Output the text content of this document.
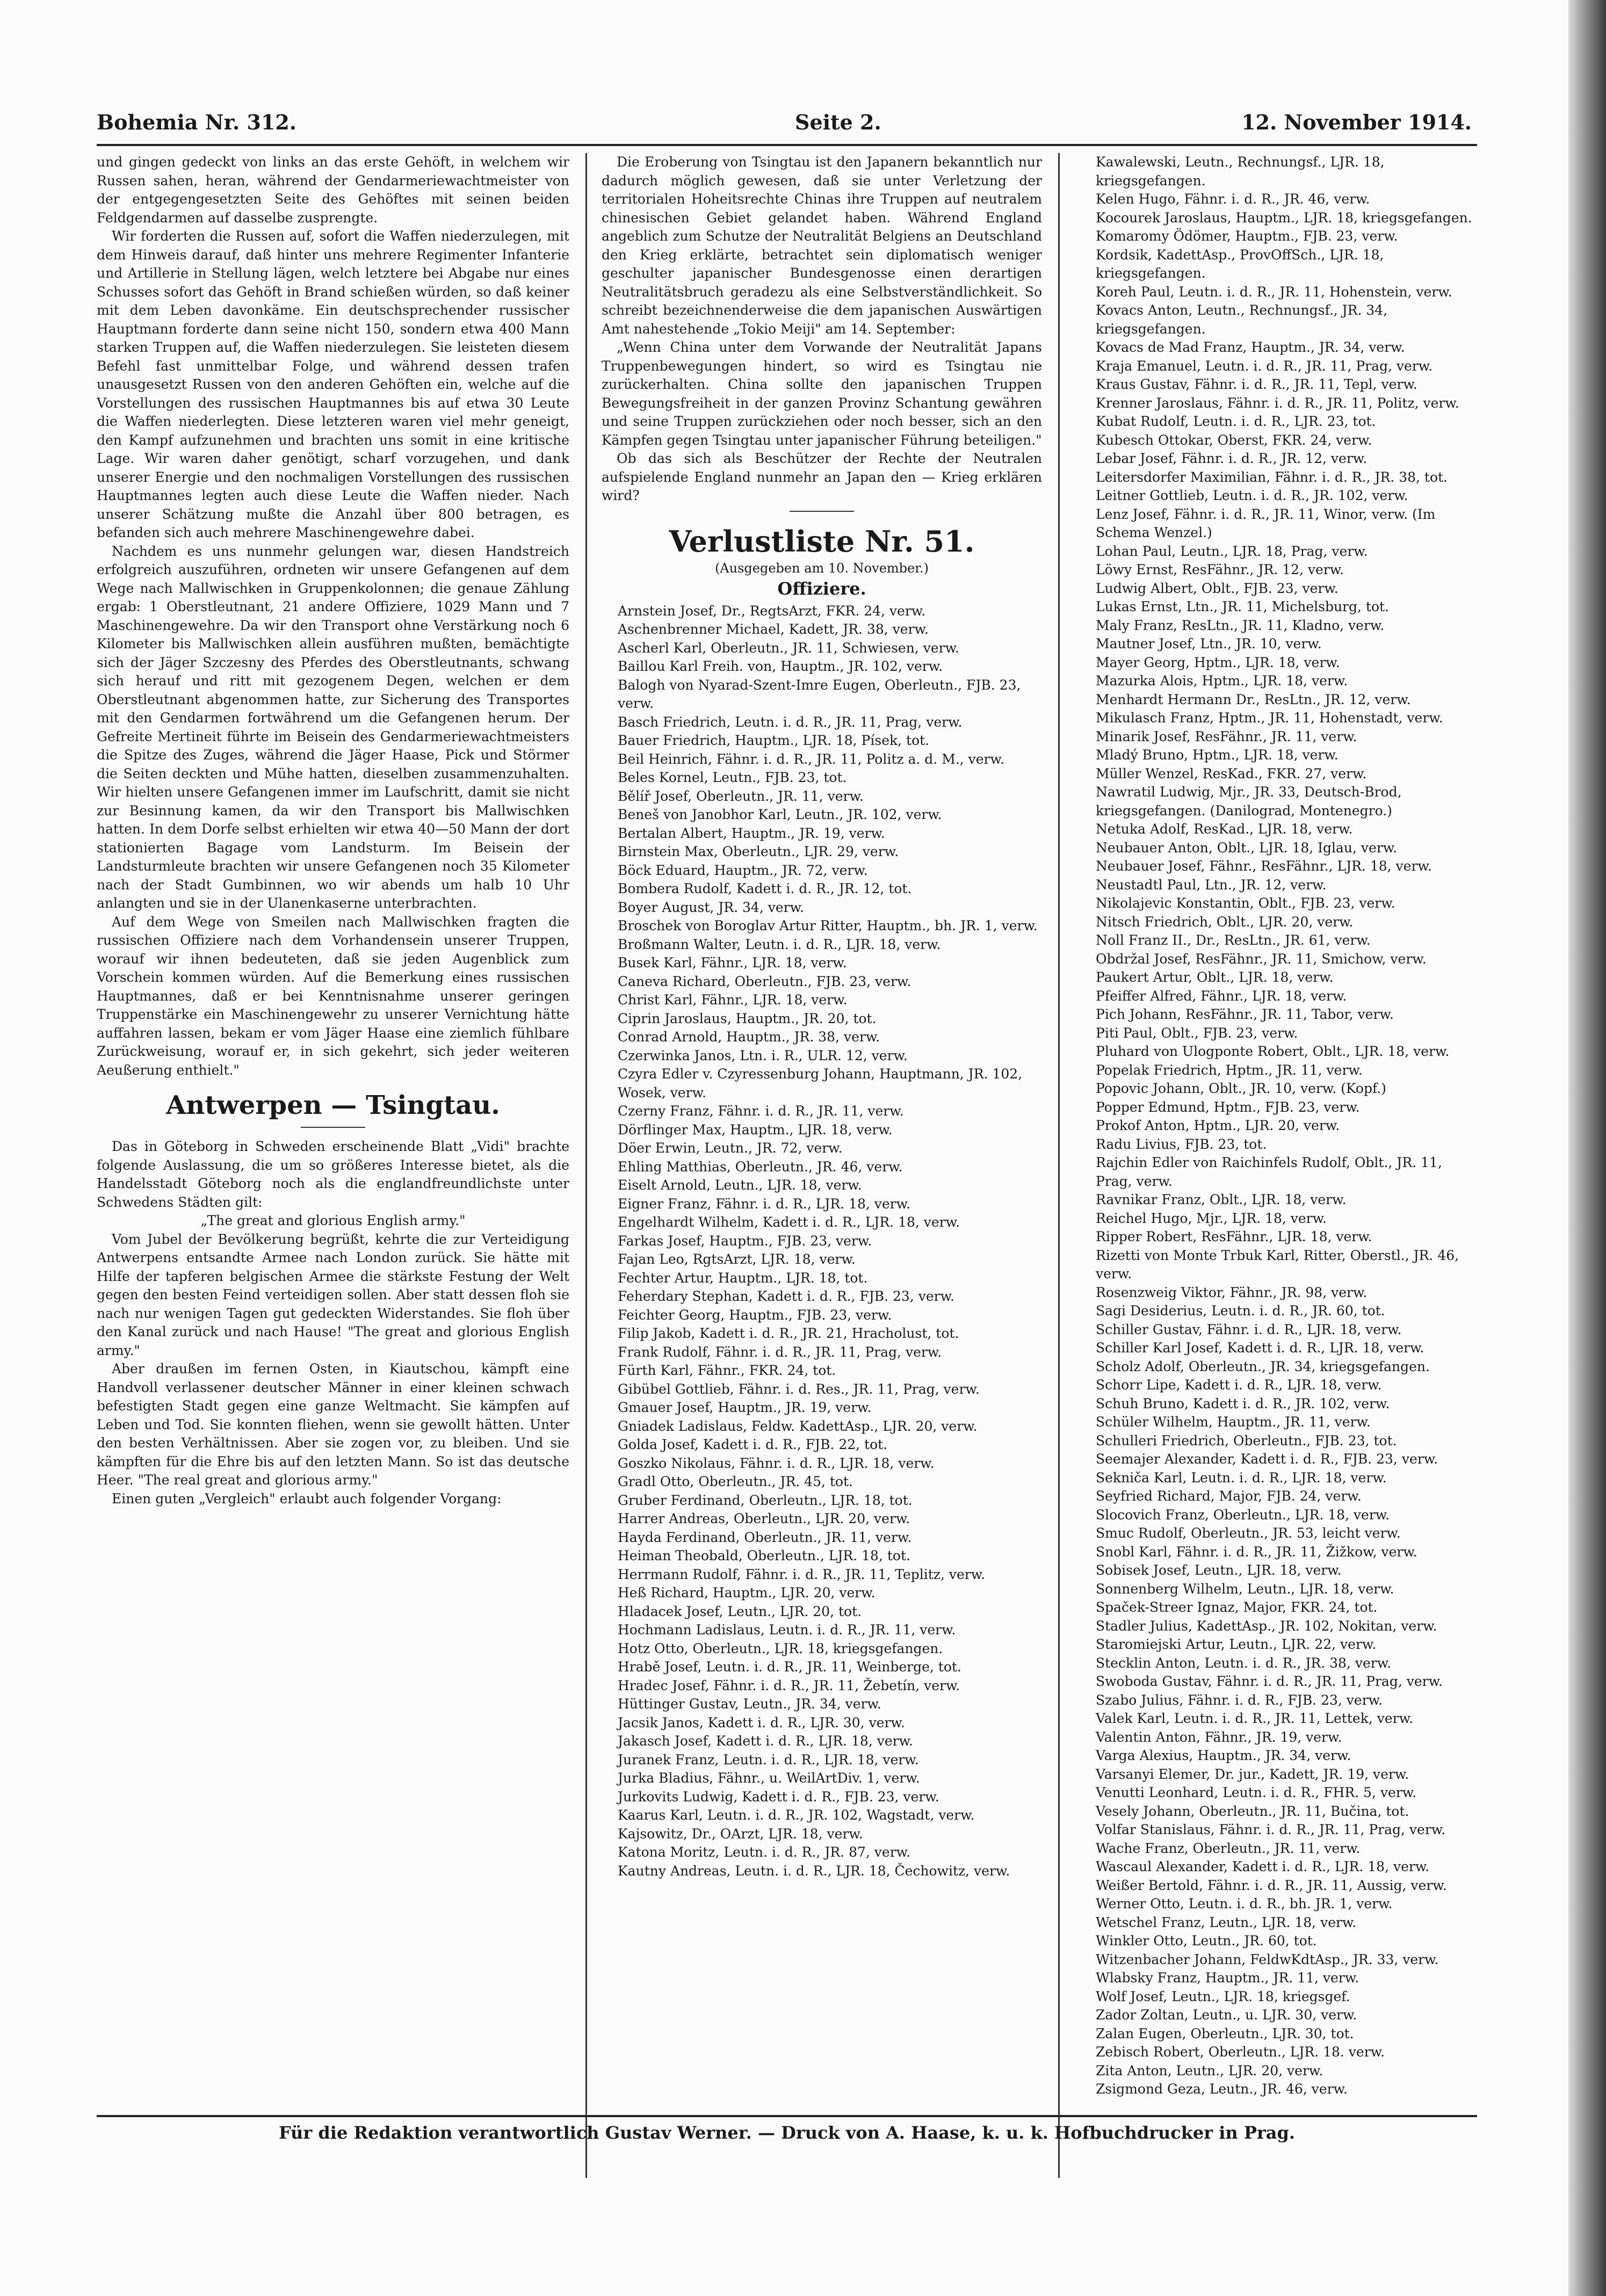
Bohemia Nr. 312.	Seite 2.	12. November 1914.

und gingen gedeckt von links an das erste Gehöft, in welchem wir Russen sahen, heran, während der Gendarmeriewachtmeister von der entgegengesetzten Seite des Gehöftes mit seinen beiden Feldgendarmen auf dasselbe zusprengte.

Wir forderten die Russen auf, sofort die Waffen niederzulegen, mit dem Hinweis darauf, daß hinter uns mehrere Regimenter Infanterie und Artillerie in Stellung lägen, welch letztere bei Abgabe nur eines Schusses sofort das Gehöft in Brand schießen würden, so daß keiner mit dem Leben davonkäme. Ein deutschsprechender russischer Hauptmann forderte dann seine nicht 150, sondern etwa 400 Mann starken Truppen auf, die Waffen niederzulegen. Sie leisteten diesem Befehl fast unmittelbar Folge, und während dessen trafen unausgesetzt Russen von den anderen Gehöften ein, welche auf die Vorstellungen des russischen Hauptmannes bis auf etwa 30 Leute die Waffen niederlegten. Diese letzteren waren viel mehr geneigt, den Kampf aufzunehmen und brachten uns somit in eine kritische Lage. Wir waren daher genötigt, scharf vorzugehen, und dank unserer Energie und den nochmaligen Vorstellungen des russischen Hauptmannes legten auch diese Leute die Waffen nieder. Nach unserer Schätzung mußte die Anzahl über 800 betragen, es befanden sich auch mehrere Maschinengewehre dabei.

Nachdem es uns nunmehr gelungen war, diesen Handstreich erfolgreich auszuführen, ordneten wir unsere Gefangenen auf dem Wege nach Mallwischken in Gruppenkolonnen; die genaue Zählung ergab: 1 Oberstleutnant, 21 andere Offiziere, 1029 Mann und 7 Maschinengewehre. Da wir den Transport ohne Verstärkung noch 6 Kilometer bis Mallwischken allein ausführen mußten, bemächtigte sich der Jäger Szczesny des Pferdes des Oberstleutnants, schwang sich herauf und ritt mit gezogenem Degen, welchen er dem Oberstleutnant abgenommen hatte, zur Sicherung des Transportes mit den Gendarmen fortwährend um die Gefangenen herum. Der Gefreite Mertineit führte im Beisein des Gendarmeriewachtmeisters die Spitze des Zuges, während die Jäger Haase, Pick und Störmer die Seiten deckten und Mühe hatten, dieselben zusammenzuhalten. Wir hielten unsere Gefangenen immer im Laufschritt, damit sie nicht zur Besinnung kamen, da wir den Transport bis Mallwischken hatten. In dem Dorfe selbst erhielten wir etwa 40—50 Mann der dort stationierten Bagage vom Landsturm. Im Beisein der Landsturmleute brachten wir unsere Gefangenen noch 35 Kilometer nach der Stadt Gumbinnen, wo wir abends um halb 10 Uhr anlangten und sie in der Ulanenkaserne unterbrachten.

Auf dem Wege von Smeilen nach Mallwischken fragten die russischen Offiziere nach dem Vorhandensein unserer Truppen, worauf wir ihnen bedeuteten, daß sie jeden Augenblick zum Vorschein kommen würden. Auf die Bemerkung eines russischen Hauptmannes, daß er bei Kenntnisnahme unserer geringen Truppenstärke ein Maschinengewehr zu unserer Vernichtung hätte auffahren lassen, bekam er vom Jäger Haase eine ziemlich fühlbare Zurückweisung, worauf er, in sich gekehrt, sich jeder weiteren Aeußerung enthielt."

Antwerpen — Tsingtau.

Das in Göteborg in Schweden erscheinende Blatt „Vidi" brachte folgende Auslassung, die um so größeres Interesse bietet, als die Handelsstadt Göteborg noch als die englandfreundlichste unter Schwedens Städten gilt:

„The great and glorious English army."

Vom Jubel der Bevölkerung begrüßt, kehrte die zur Verteidigung Antwerpens entsandte Armee nach London zurück. Sie hätte mit Hilfe der tapferen belgischen Armee die stärkste Festung der Welt gegen den besten Feind verteidigen sollen. Aber statt dessen floh sie nach nur wenigen Tagen gut gedeckten Widerstandes. Sie floh über den Kanal zurück und nach Hause! "The great and glorious English army."

Aber draußen im fernen Osten, in Kiautschou, kämpft eine Handvoll verlassener deutscher Männer in einer kleinen schwach befestigten Stadt gegen eine ganze Weltmacht. Sie kämpfen auf Leben und Tod. Sie konnten fliehen, wenn sie gewollt hätten. Unter den besten Verhältnissen. Aber sie zogen vor, zu bleiben. Und sie kämpften für die Ehre bis auf den letzten Mann. So ist das deutsche Heer. "The real great and glorious army."

Einen guten „Vergleich" erlaubt auch folgender Vorgang:

Die Eroberung von Tsingtau ist den Japanern bekanntlich nur dadurch möglich gewesen, daß sie unter Verletzung der territorialen Hoheitsrechte Chinas ihre Truppen auf neutralem chinesischen Gebiet gelandet haben. Während England angeblich zum Schutze der Neutralität Belgiens an Deutschland den Krieg erklärte, betrachtet sein diplomatisch weniger geschulter japanischer Bundesgenosse einen derartigen Neutralitätsbruch geradezu als eine Selbstverständlichkeit. So schreibt bezeichnenderweise die dem japanischen Auswärtigen Amt nahestehende „Tokio Meiji" am 14. September:

„Wenn China unter dem Vorwande der Neutralität Japans Truppenbewegungen hindert, so wird es Tsingtau nie zurückerhalten. China sollte den japanischen Truppen Bewegungsfreiheit in der ganzen Provinz Schantung gewähren und seine Truppen zurückziehen oder noch besser, sich an den Kämpfen gegen Tsingtau unter japanischer Führung beteiligen."

Ob das sich als Beschützer der Rechte der Neutralen aufspielende England nunmehr an Japan den — Krieg erklären wird?

Verlustliste Nr. 51.
(Ausgegeben am 10. November.)
Offiziere.
Arnstein Josef, Dr., RegtsArzt, FKR. 24, verw.
Aschenbrenner Michael, Kadett, JR. 38, verw.
Ascherl Karl, Oberleutn., JR. 11, Schwiesen, verw.
Baillou Karl Freih. von, Hauptm., JR. 102, verw.
Balogh von Nyarad-Szent-Imre Eugen, Oberleutn., FJB. 23, verw.
Basch Friedrich, Leutn. i. d. R., JR. 11, Prag, verw.
Bauer Friedrich, Hauptm., LJR. 18, Písek, tot.
Beil Heinrich, Fähnr. i. d. R., JR. 11, Politz a. d. M., verw.
Beles Kornel, Leutn., FJB. 23, tot.
Bělíř Josef, Oberleutn., JR. 11, verw.
Beneš von Janobhor Karl, Leutn., JR. 102, verw.
Bertalan Albert, Hauptm., JR. 19, verw.
Birnstein Max, Oberleutn., LJR. 29, verw.
Böck Eduard, Hauptm., JR. 72, verw.
Bombera Rudolf, Kadett i. d. R., JR. 12, tot.
Boyer August, JR. 34, verw.
Broschek von Boroglav Artur Ritter, Hauptm., bh. JR. 1, verw.
Broßmann Walter, Leutn. i. d. R., LJR. 18, verw.
Busek Karl, Fähnr., LJR. 18, verw.
Caneva Richard, Oberleutn., FJB. 23, verw.
Christ Karl, Fähnr., LJR. 18, verw.
Ciprin Jaroslaus, Hauptm., JR. 20, tot.
Conrad Arnold, Hauptm., JR. 38, verw.
Czerwinka Janos, Ltn. i. R., ULR. 12, verw.
Czyra Edler v. Czyressenburg Johann, Hauptmann, JR. 102, Wosek, verw.
Czerny Franz, Fähnr. i. d. R., JR. 11, verw.
Dörflinger Max, Hauptm., LJR. 18, verw.
Döer Erwin, Leutn., JR. 72, verw.
Ehling Matthias, Oberleutn., JR. 46, verw.
Eiselt Arnold, Leutn., LJR. 18, verw.
Eigner Franz, Fähnr. i. d. R., LJR. 18, verw.
Engelhardt Wilhelm, Kadett i. d. R., LJR. 18, verw.
Farkas Josef, Hauptm., FJB. 23, verw.
Fajan Leo, RgtsArzt, LJR. 18, verw.
Fechter Artur, Hauptm., LJR. 18, tot.
Feherdary Stephan, Kadett i. d. R., FJB. 23, verw.
Feichter Georg, Hauptm., FJB. 23, verw.
Filip Jakob, Kadett i. d. R., JR. 21, Hracholust, tot.
Frank Rudolf, Fähnr. i. d. R., JR. 11, Prag, verw.
Fürth Karl, Fähnr., FKR. 24, tot.
Gibübel Gottlieb, Fähnr. i. d. Res., JR. 11, Prag, verw.
Gmauer Josef, Hauptm., JR. 19, verw.
Gniadek Ladislaus, Feldw. KadettAsp., LJR. 20, verw.
Golda Josef, Kadett i. d. R., FJB. 22, tot.
Goszko Nikolaus, Fähnr. i. d. R., LJR. 18, verw.
Gradl Otto, Oberleutn., JR. 45, tot.
Gruber Ferdinand, Oberleutn., LJR. 18, tot.
Harrer Andreas, Oberleutn., LJR. 20, verw.
Hayda Ferdinand, Oberleutn., JR. 11, verw.
Heiman Theobald, Oberleutn., LJR. 18, tot.
Herrmann Rudolf, Fähnr. i. d. R., JR. 11, Teplitz, verw.
Heß Richard, Hauptm., LJR. 20, verw.
Hladacek Josef, Leutn., LJR. 20, tot.
Hochmann Ladislaus, Leutn. i. d. R., JR. 11, verw.
Hotz Otto, Oberleutn., LJR. 18, kriegsgefangen.
Hrabě Josef, Leutn. i. d. R., JR. 11, Weinberge, tot.
Hradec Josef, Fähnr. i. d. R., JR. 11, Žebetín, verw.
Hüttinger Gustav, Leutn., JR. 34, verw.
Jacsik Janos, Kadett i. d. R., LJR. 30, verw.
Jakasch Josef, Kadett i. d. R., LJR. 18, verw.
Juranek Franz, Leutn. i. d. R., LJR. 18, verw.
Jurka Bladius, Fähnr., u. WeilArtDiv. 1, verw.
Jurkovits Ludwig, Kadett i. d. R., FJB. 23, verw.
Kaarus Karl, Leutn. i. d. R., JR. 102, Wagstadt, verw.
Kajsowitz, Dr., OArzt, LJR. 18, verw.
Katona Moritz, Leutn. i. d. R., JR. 87, verw.
Kautny Andreas, Leutn. i. d. R., LJR. 18, Čechowitz, verw.
Kawalewski, Leutn., Rechnungsf., LJR. 18, kriegsgefangen.
Kelen Hugo, Fähnr. i. d. R., JR. 46, verw.
Kocourek Jaroslaus, Hauptm., LJR. 18, kriegsgefangen.
Komaromy Ödömer, Hauptm., FJB. 23, verw.
Kordsik, KadettAsp., ProvOffSch., LJR. 18, kriegsgefangen.
Koreh Paul, Leutn. i. d. R., JR. 11, Hohenstein, verw.
Kovacs Anton, Leutn., Rechnungsf., JR. 34, kriegsgefangen.
Kovacs de Mad Franz, Hauptm., JR. 34, verw.
Kraja Emanuel, Leutn. i. d. R., JR. 11, Prag, verw.
Kraus Gustav, Fähnr. i. d. R., JR. 11, Tepl, verw.
Krenner Jaroslaus, Fähnr. i. d. R., JR. 11, Politz, verw.
Kubat Rudolf, Leutn. i. d. R., LJR. 23, tot.
Kubesch Ottokar, Oberst, FKR. 24, verw.
Lebar Josef, Fähnr. i. d. R., JR. 12, verw.
Leitersdorfer Maximilian, Fähnr. i. d. R., JR. 38, tot.
Leitner Gottlieb, Leutn. i. d. R., JR. 102, verw.
Lenz Josef, Fähnr. i. d. R., JR. 11, Winor, verw. (Im Schema Wenzel.)
Lohan Paul, Leutn., LJR. 18, Prag, verw.
Löwy Ernst, ResFähnr., JR. 12, verw.
Ludwig Albert, Oblt., FJB. 23, verw.
Lukas Ernst, Ltn., JR. 11, Michelsburg, tot.
Maly Franz, ResLtn., JR. 11, Kladno, verw.
Mautner Josef, Ltn., JR. 10, verw.
Mayer Georg, Hptm., LJR. 18, verw.
Mazurka Alois, Hptm., LJR. 18, verw.
Menhardt Hermann Dr., ResLtn., JR. 12, verw.
Mikulasch Franz, Hptm., JR. 11, Hohenstadt, verw.
Minarik Josef, ResFähnr., JR. 11, verw.
Mladý Bruno, Hptm., LJR. 18, verw.
Müller Wenzel, ResKad., FKR. 27, verw.
Nawratil Ludwig, Mjr., JR. 33, Deutsch-Brod, kriegsgefangen. (Danilograd, Montenegro.)
Netuka Adolf, ResKad., LJR. 18, verw.
Neubauer Anton, Oblt., LJR. 18, Iglau, verw.
Neubauer Josef, Fähnr., ResFähnr., LJR. 18, verw.
Neustadtl Paul, Ltn., JR. 12, verw.
Nikolajevic Konstantin, Oblt., FJB. 23, verw.
Nitsch Friedrich, Oblt., LJR. 20, verw.
Noll Franz II., Dr., ResLtn., JR. 61, verw.
Obdržal Josef, ResFähnr., JR. 11, Smichow, verw.
Paukert Artur, Oblt., LJR. 18, verw.
Pfeiffer Alfred, Fähnr., LJR. 18, verw.
Pich Johann, ResFähnr., JR. 11, Tabor, verw.
Piti Paul, Oblt., FJB. 23, verw.
Pluhard von Ulogponte Robert, Oblt., LJR. 18, verw.
Popelak Friedrich, Hptm., JR. 11, verw.
Popovic Johann, Oblt., JR. 10, verw. (Kopf.)
Popper Edmund, Hptm., FJB. 23, verw.
Prokof Anton, Hptm., LJR. 20, verw.
Radu Livius, FJB. 23, tot.
Rajchin Edler von Raichinfels Rudolf, Oblt., JR. 11, Prag, verw.
Ravnikar Franz, Oblt., LJR. 18, verw.
Reichel Hugo, Mjr., LJR. 18, verw.
Ripper Robert, ResFähnr., LJR. 18, verw.
Rizetti von Monte Trbuk Karl, Ritter, Oberstl., JR. 46, verw.
Rosenzweig Viktor, Fähnr., JR. 98, verw.
Sagi Desiderius, Leutn. i. d. R., JR. 60, tot.
Schiller Gustav, Fähnr. i. d. R., LJR. 18, verw.
Schiller Karl Josef, Kadett i. d. R., LJR. 18, verw.
Scholz Adolf, Oberleutn., JR. 34, kriegsgefangen.
Schorr Lipe, Kadett i. d. R., LJR. 18, verw.
Schuh Bruno, Kadett i. d. R., JR. 102, verw.
Schüler Wilhelm, Hauptm., JR. 11, verw.
Schulleri Friedrich, Oberleutn., FJB. 23, tot.
Seemajer Alexander, Kadett i. d. R., FJB. 23, verw.
Sekniča Karl, Leutn. i. d. R., LJR. 18, verw.
Seyfried Richard, Major, FJB. 24, verw.
Slocovich Franz, Oberleutn., LJR. 18, verw.
Smuc Rudolf, Oberleutn., JR. 53, leicht verw.
Snobl Karl, Fähnr. i. d. R., JR. 11, Žižkow, verw.
Sobisek Josef, Leutn., LJR. 18, verw.
Sonnenberg Wilhelm, Leutn., LJR. 18, verw.
Spaček-Streer Ignaz, Major, FKR. 24, tot.
Stadler Julius, KadettAsp., JR. 102, Nokitan, verw.
Staromiejski Artur, Leutn., LJR. 22, verw.
Stecklin Anton, Leutn. i. d. R., JR. 38, verw.
Swoboda Gustav, Fähnr. i. d. R., JR. 11, Prag, verw.
Szabo Julius, Fähnr. i. d. R., FJB. 23, verw.
Valek Karl, Leutn. i. d. R., JR. 11, Lettek, verw.
Valentin Anton, Fähnr., JR. 19, verw.
Varga Alexius, Hauptm., JR. 34, verw.
Varsanyi Elemer, Dr. jur., Kadett, JR. 19, verw.
Venutti Leonhard, Leutn. i. d. R., FHR. 5, verw.
Vesely Johann, Oberleutn., JR. 11, Bučina, tot.
Volfar Stanislaus, Fähnr. i. d. R., JR. 11, Prag, verw.
Wache Franz, Oberleutn., JR. 11, verw.
Wascaul Alexander, Kadett i. d. R., LJR. 18, verw.
Weißer Bertold, Fähnr. i. d. R., JR. 11, Aussig, verw.
Werner Otto, Leutn. i. d. R., bh. JR. 1, verw.
Wetschel Franz, Leutn., LJR. 18, verw.
Winkler Otto, Leutn., JR. 60, tot.
Witzenbacher Johann, FeldwKdtAsp., JR. 33, verw.
Wlabsky Franz, Hauptm., JR. 11, verw.
Wolf Josef, Leutn., LJR. 18, kriegsgef.
Zador Zoltan, Leutn., u. LJR. 30, verw.
Zalan Eugen, Oberleutn., LJR. 30, tot.
Zebisch Robert, Oberleutn., LJR. 18. verw.
Zita Anton, Leutn., LJR. 20, verw.
Zsigmond Geza, Leutn., JR. 46, verw.
Für die Redaktion verantwortlich Gustav Werner. — Druck von A. Haase, k. u. k. Hofbuchdrucker in Prag.
